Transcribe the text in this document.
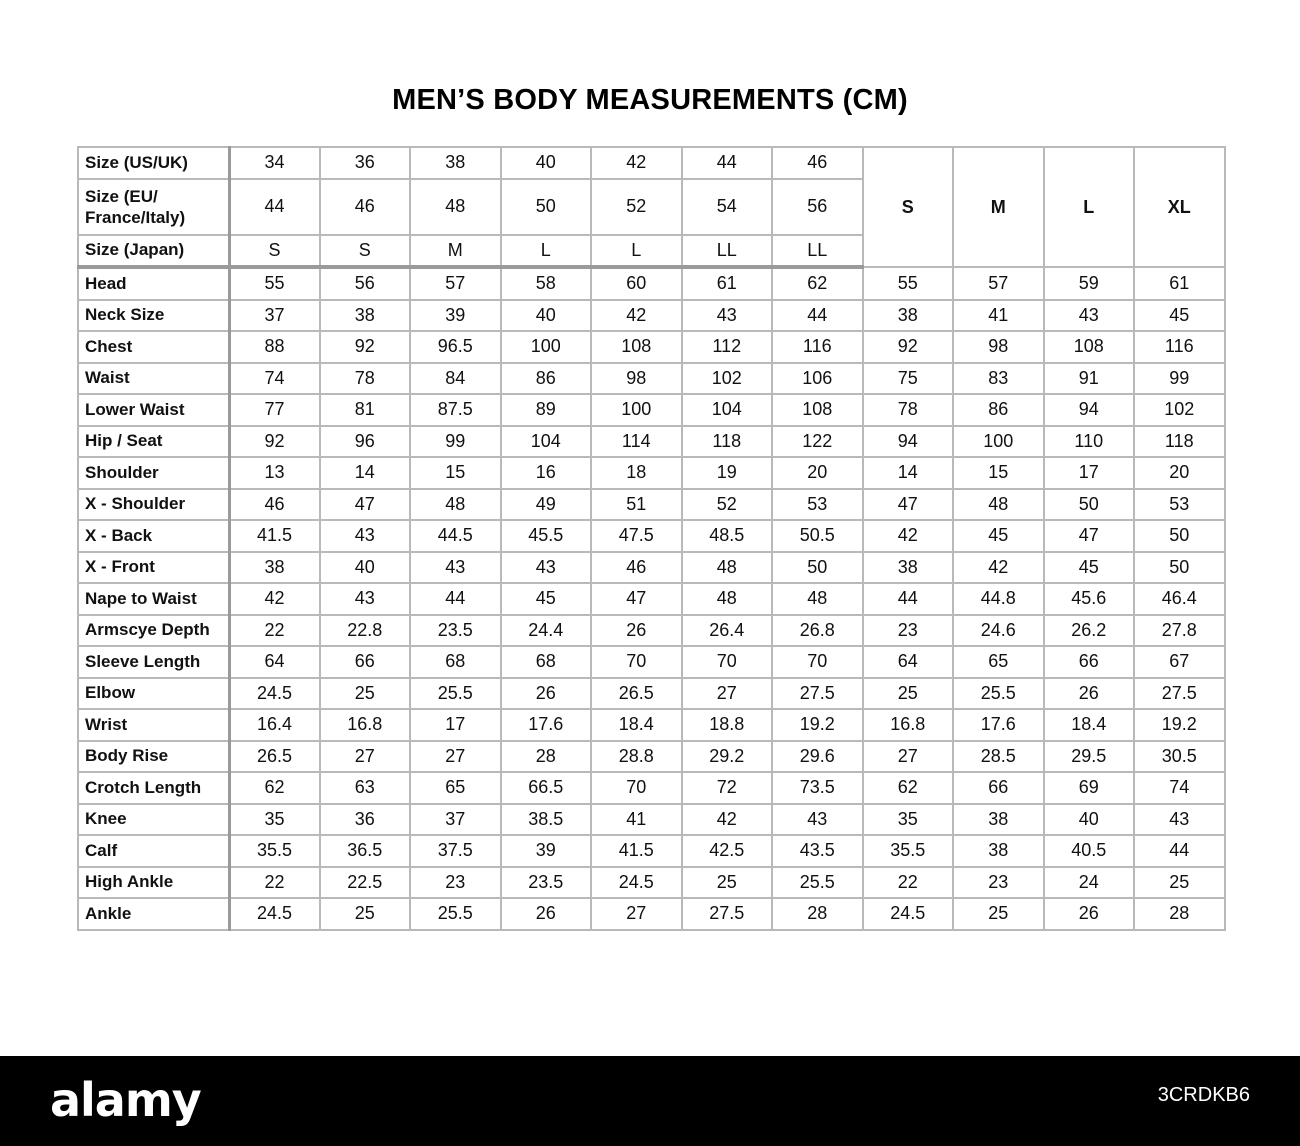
MEN’S BODY MEASUREMENTS (CM)
Size (US/UK)	34	36	38	40	42	44	46	S	M	L	XL
Size (EU/ France/Italy)	44	46	48	50	52	54	56				
Size (Japan)	S	S	M	L	L	LL	LL				
Head	55	56	57	58	60	61	62	55	57	59	61
Neck Size	37	38	39	40	42	43	44	38	41	43	45
Chest	88	92	96.5	100	108	112	116	92	98	108	116
Waist	74	78	84	86	98	102	106	75	83	91	99
Lower Waist	77	81	87.5	89	100	104	108	78	86	94	102
Hip / Seat	92	96	99	104	114	118	122	94	100	110	118
Shoulder	13	14	15	16	18	19	20	14	15	17	20
X - Shoulder	46	47	48	49	51	52	53	47	48	50	53
X - Back	41.5	43	44.5	45.5	47.5	48.5	50.5	42	45	47	50
X - Front	38	40	43	43	46	48	50	38	42	45	50
Nape to Waist	42	43	44	45	47	48	48	44	44.8	45.6	46.4
Armscye Depth	22	22.8	23.5	24.4	26	26.4	26.8	23	24.6	26.2	27.8
Sleeve Length	64	66	68	68	70	70	70	64	65	66	67
Elbow	24.5	25	25.5	26	26.5	27	27.5	25	25.5	26	27.5
Wrist	16.4	16.8	17	17.6	18.4	18.8	19.2	16.8	17.6	18.4	19.2
Body Rise	26.5	27	27	28	28.8	29.2	29.6	27	28.5	29.5	30.5
Crotch Length	62	63	65	66.5	70	72	73.5	62	66	69	74
Knee	35	36	37	38.5	41	42	43	35	38	40	43
Calf	35.5	36.5	37.5	39	41.5	42.5	43.5	35.5	38	40.5	44
High Ankle	22	22.5	23	23.5	24.5	25	25.5	22	23	24	25
Ankle	24.5	25	25.5	26	27	27.5	28	24.5	25	26	28
alamy	3CRDKB6
